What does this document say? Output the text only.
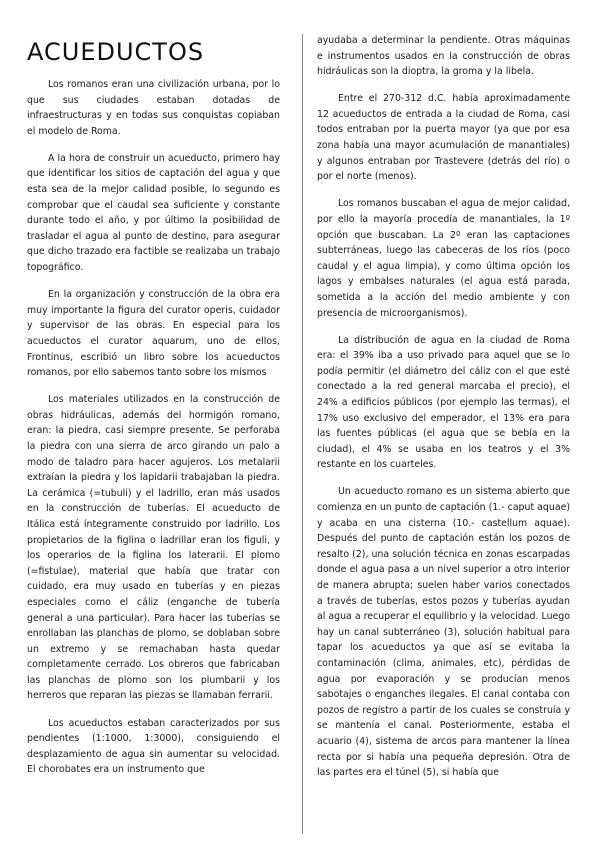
ACUEDUCTOS

Los romanos eran una civilización urbana, por lo que sus ciudades estaban dotadas de infraestructuras y en todas sus conquistas copiaban el modelo de Roma.

A la hora de construir un acueducto, primero hay que identificar los sitios de captación del agua y que esta sea de la mejor calidad posible, lo segundo es comprobar que el caudal sea suficiente y constante durante todo el año, y por último la posibilidad de trasladar el agua al punto de destino, para asegurar que dicho trazado era factible se realizaba un trabajo topográfico.

En la organización y construcción de la obra era muy importante la figura del curator operis, cuidador y supervisor de las obras. En especial para los acueductos el curator aquarum, uno de ellos, Frontinus, escribió un libro sobre los acueductos romanos, por ello sabemos tanto sobre los mismos

Los materiales utilizados en la construcción de obras hidráulicas, además del hormigón romano, eran: la piedra, casi siempre presente. Se perforaba la piedra con una sierra de arco girando un palo a modo de taladro para hacer agujeros. Los metalarii extraían la piedra y los lapidarii trabajaban la piedra. La cerámica (=tubuli) y el ladrillo, eran más usados en la construcción de tuberías. El acueducto de Itálica está íntegramente construido por ladrillo. Los propietarios de la figlina o ladrillar eran los figuli, y los operarios de la figlina los laterarii. El plomo (=fistulae), material que había que tratar con cuidado, era muy usado en tuberías y en piezas especiales como el cáliz (enganche de tubería general a una particular). Para hacer las tuberías se enrollaban las planchas de plomo, se doblaban sobre un extremo y se remachaban hasta quedar completamente cerrado. Los obreros que fabricaban las planchas de plomo son los plumbarii y los herreros que reparan las piezas se llamaban ferrarii.

Los acueductos estaban caracterizados por sus pendientes (1:1000, 1:3000), consiguiendo el desplazamiento de agua sin aumentar su velocidad. El chorobates era un instrumento que

ayudaba a determinar la pendiente. Otras máquinas e instrumentos usados en la construcción de obras hidráulicas son la dioptra, la groma y la libela.

Entre el 270-312 d.C. había aproximadamente 12 acueductos de entrada a la ciudad de Roma, casi todos entraban por la puerta mayor (ya que por esa zona había una mayor acumulación de manantiales) y algunos entraban por Trastevere (detrás del río) o por el norte (menos).

Los romanos buscaban el agua de mejor calidad, por ello la mayoría procedía de manantiales, la 1º opción que buscaban. La 2º eran las captaciones subterráneas, luego las cabeceras de los ríos (poco caudal y el agua limpia), y como última opción los lagos y embalses naturales (el agua está parada, sometida a la acción del medio ambiente y con presencia de microorganismos).

La distribución de agua en la ciudad de Roma era: el 39% iba a uso privado para aquel que se lo podía permitir (el diámetro del cáliz con el que esté conectado a la red general marcaba el precio), el 24% a edificios públicos (por ejemplo las termas), el 17% uso exclusivo del emperador, el 13% era para las fuentes públicas (el agua que se bebía en la ciudad), el 4% se usaba en los teatros y el 3% restante en los cuarteles.

Un acueducto romano es un sistema abierto que comienza en un punto de captación (1.- caput aquae) y acaba en una cisterna (10.- castellum aquae). Después del punto de captación están los pozos de resalto (2), una solución técnica en zonas escarpadas donde el agua pasa a un nivel superior a otro interior de manera abrupta; suelen haber varios conectados a través de tuberías, estos pozos y tuberías ayudan al agua a recuperar el equilibrio y la velocidad. Luego hay un canal subterráneo (3), solución habitual para tapar los acueductos ya que así se evitaba la contaminación (clima, animales, etc), pérdidas de agua por evaporación y se producían menos sabotajes o enganches ilegales. El canal contaba con pozos de registro a partir de los cuales se construía y se mantenía el canal. Posteriormente, estaba el acuario (4), sistema de arcos para mantener la línea recta por si había una pequeña depresión. Otra de las partes era el túnel (5), si había que
